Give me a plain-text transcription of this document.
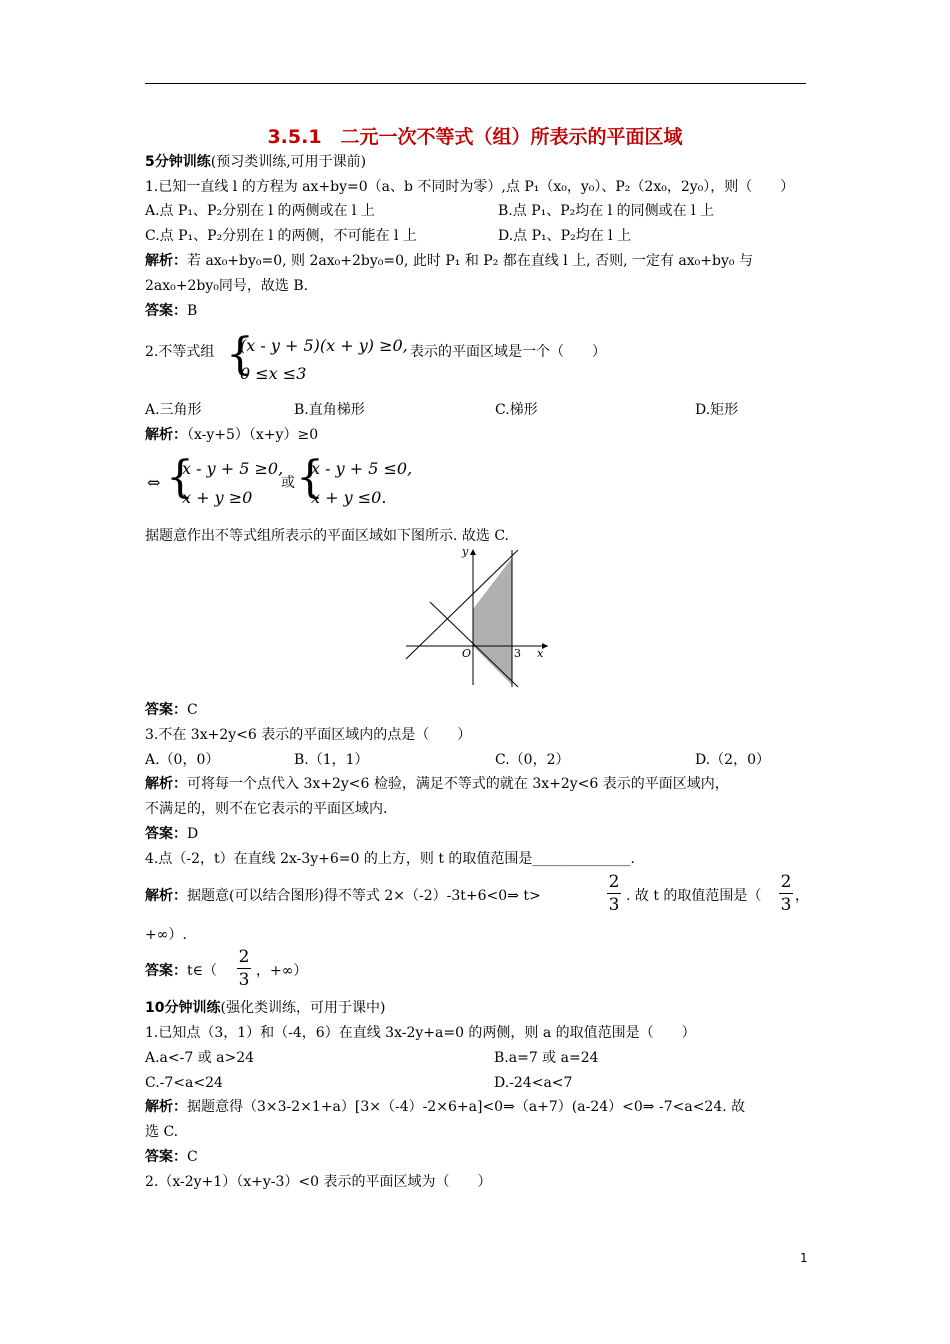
3.5.1　二元一次不等式（组）所表示的平面区域
5分钟训练(预习类训练,可用于课前)
1.已知一直线 l 的方程为 ax+by=0（a、b 不同时为零）,点 P₁（x₀，y₀）、P₂（2x₀，2y₀），则（　　）
A.点 P₁、P₂分别在 l 的两侧或在 l 上	B.点 P₁、P₂均在 l 的同侧或在 l 上
C.点 P₁、P₂分别在 l 的两侧，不可能在 l 上	D.点 P₁、P₂均在 l 上
解析：若 ax₀+by₀=0, 则 2ax₀+2by₀=0, 此时 P₁ 和 P₂ 都在直线 l 上, 否则, 一定有 ax₀+by₀ 与
2ax₀+2by₀同号，故选 B.
答案：B
2.不等式组 {
(x - y + 5)(x + y) ≥0,
0 ≤x ≤3
表示的平面区域是一个（　　）
A.三角形	B.直角梯形	C.梯形	D.矩形
解析：（x-y+5）（x+y）≥0
⇔ {
x - y + 5 ≥0,
x + y ≥0
或 {
x - y + 5 ≤0,
x + y ≤0.
据题意作出不等式组所表示的平面区域如下图所示. 故选 C.
y
x
O	3
答案：C
3.不在 3x+2y<6 表示的平面区域内的点是（　　）
A.（0，0）	B.（1，1）	C.（0，2）	D.（2，0）
解析：可将每一个点代入 3x+2y<6 检验，满足不等式的就在 3x+2y<6 表示的平面区域内，
不满足的，则不在它表示的平面区域内.
答案：D
4.点（-2，t）在直线 2x-3y+6=0 的上方，则 t 的取值范围是______________.
解析：据题意(可以结合图形)得不等式 2×（-2）-3t+6<0⇒ t>
2
3 . 故 t 的取值范围是（
2
3 ，
+∞）.
答案：t∈（
2
3 ，+∞）
10分钟训练(强化类训练，可用于课中)
1.已知点（3，1）和（-4，6）在直线 3x-2y+a=0 的两侧，则 a 的取值范围是（　　）
A.a<-7 或 a>24	B.a=7 或 a=24
C.-7<a<24	D.-24<a<7
解析：据题意得（3×3-2×1+a）[3×（-4）-2×6+a]<0⇒（a+7）(a-24）<0⇒ -7<a<24. 故
选 C.
答案：C
2.（x-2y+1）（x+y-3）<0 表示的平面区域为（　　）
1
